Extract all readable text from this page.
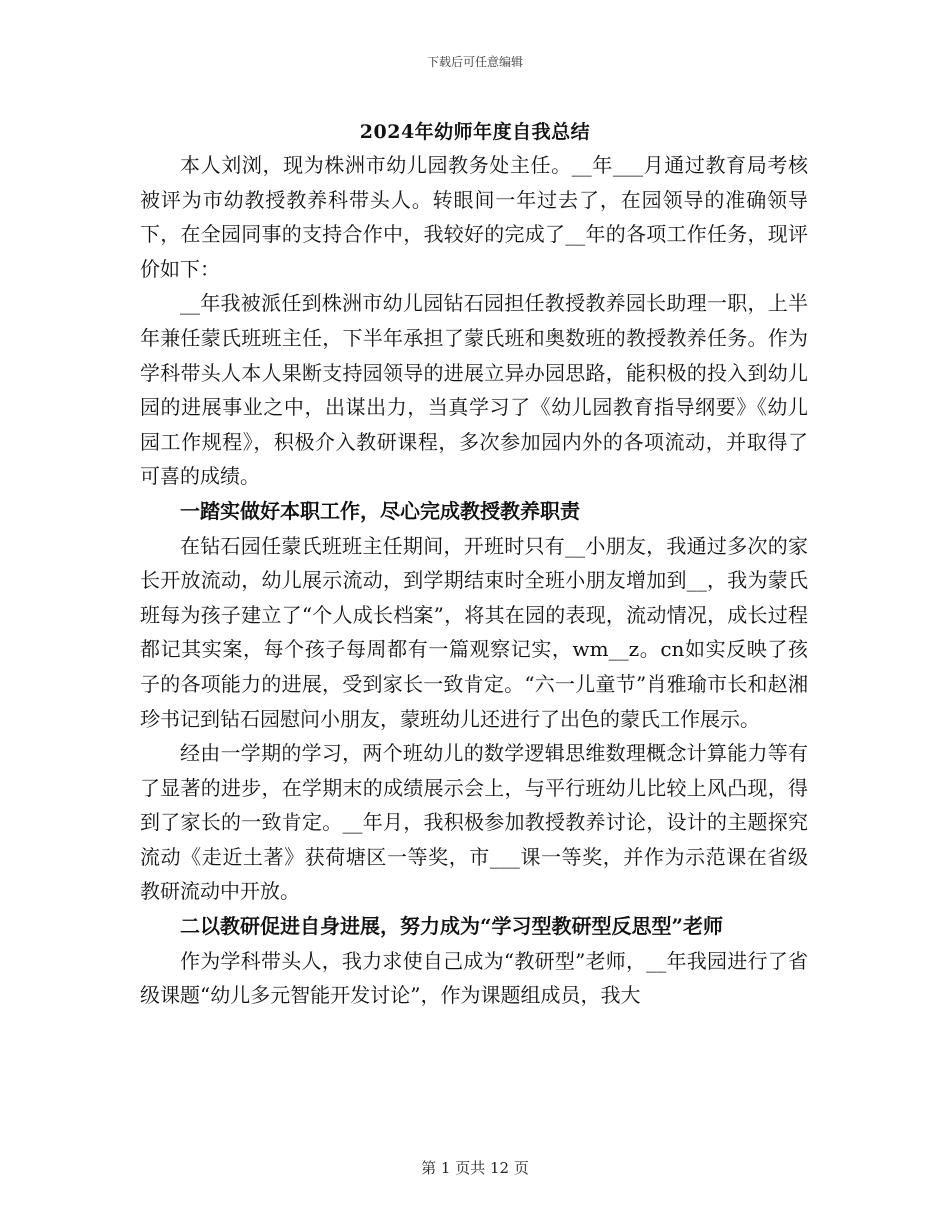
下载后可任意编辑
2024年幼师年度自我总结

本人刘浏，现为株洲市幼儿园教务处主任。__年___月通过教育局考核被评为市幼教授教养科带头人。转眼间一年过去了，在园领导的准确领导下，在全园同事的支持合作中，我较好的完成了__年的各项工作任务，现评价如下：

__年我被派任到株洲市幼儿园钻石园担任教授教养园长助理一职，上半年兼任蒙氏班班主任，下半年承担了蒙氏班和奥数班的教授教养任务。作为学科带头人本人果断支持园领导的进展立异办园思路，能积极的投入到幼儿园的进展事业之中，出谋出力，当真学习了《幼儿园教育指导纲要》《幼儿园工作规程》，积极介入教研课程，多次参加园内外的各项流动，并取得了可喜的成绩。

一踏实做好本职工作，尽心完成教授教养职责

在钻石园任蒙氏班班主任期间，开班时只有__小朋友，我通过多次的家长开放流动，幼儿展示流动，到学期结束时全班小朋友增加到__，我为蒙氏班每为孩子建立了“个人成长档案”，将其在园的表现，流动情况，成长过程都记其实案，每个孩子每周都有一篇观察记实，wm__z。cn如实反映了孩子的各项能力的进展，受到家长一致肯定。“六一儿童节”肖雅瑜市长和赵湘珍书记到钻石园慰问小朋友，蒙班幼儿还进行了出色的蒙氏工作展示。

经由一学期的学习，两个班幼儿的数学逻辑思维数理概念计算能力等有了显著的进步，在学期末的成绩展示会上，与平行班幼儿比较上风凸现，得到了家长的一致肯定。__年月，我积极参加教授教养讨论，设计的主题探究流动《走近土著》获荷塘区一等奖，市___课一等奖，并作为示范课在省级教研流动中开放。

二以教研促进自身进展，努力成为“学习型教研型反思型”老师

作为学科带头人，我力求使自己成为“教研型”老师，__年我园进行了省级课题“幼儿多元智能开发讨论”，作为课题组成员，我大

第 1 页共 12 页
